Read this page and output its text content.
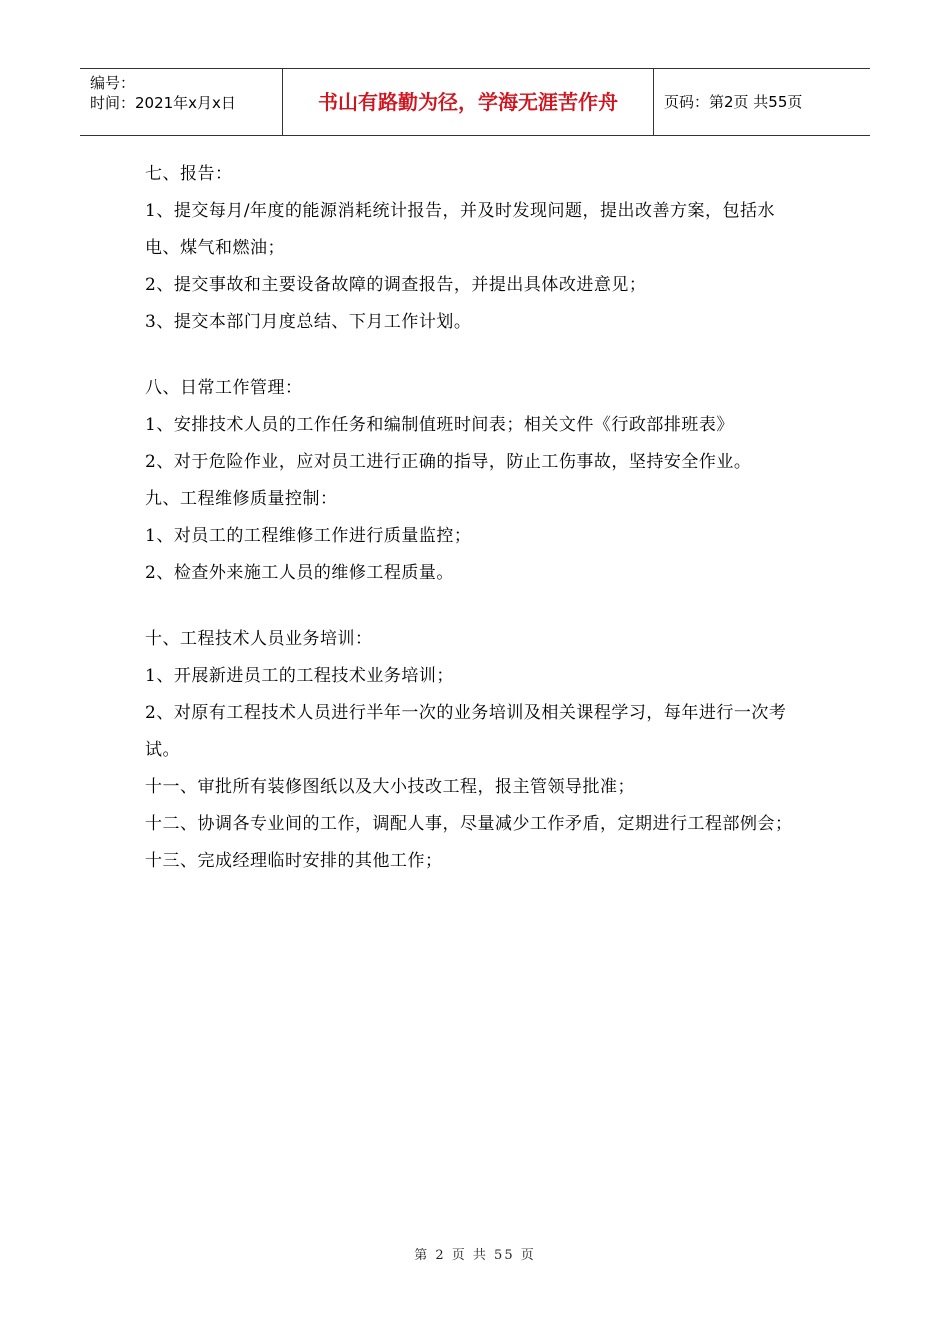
编号：
时间：2021年x月x日	书山有路勤为径，学海无涯苦作舟	页码：第2页 共55页

七、报告：

1、提交每月/年度的能源消耗统计报告，并及时发现问题，提出改善方案，包括水电、煤气和燃油；

2、提交事故和主要设备故障的调查报告，并提出具体改进意见；

3、提交本部门月度总结、下月工作计划。

八、日常工作管理：

1、安排技术人员的工作任务和编制值班时间表；相关文件《行政部排班表》

2、对于危险作业，应对员工进行正确的指导，防止工伤事故，坚持安全作业。

九、工程维修质量控制：

1、对员工的工程维修工作进行质量监控；

2、检查外来施工人员的维修工程质量。

十、工程技术人员业务培训：

1、开展新进员工的工程技术业务培训；

2、对原有工程技术人员进行半年一次的业务培训及相关课程学习，每年进行一次考试。

十一、审批所有装修图纸以及大小技改工程，报主管领导批准；

十二、协调各专业间的工作，调配人事，尽量减少工作矛盾，定期进行工程部例会；

十三、完成经理临时安排的其他工作；

第 2 页 共 55 页
